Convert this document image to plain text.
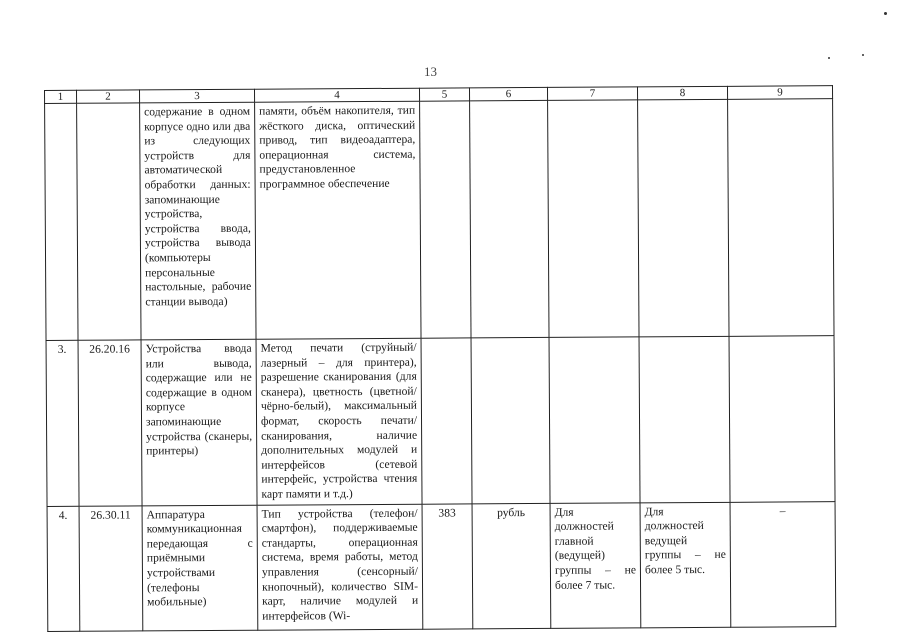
13
1	2	3	4	5	6	7	8	9
		содержание в одном корпусе одно или два из следующих устройств для автоматической обработки данных: запоминающие устройства, устройства ввода, устройства вывода (компьютеры персональные настольные, рабочие станции вывода)	памяти, объём накопителя, тип жёсткого диска, оптический привод, тип видеоадаптера, операционная система, предустановленное программное обеспечение					
3.	26.20.16	Устройства ввода или вывода, содержащие или не содержащие в одном корпусе запоминающие устройства (сканеры, принтеры)	Метод печати (струйный/лазерный – для принтера), разрешение сканирования (для сканера), цветность (цветной/чёрно-белый), максимальный формат, скорость печати/сканирования, наличие дополнительных модулей и интерфейсов (сетевой интерфейс, устройства чтения карт памяти и т.д.)					
4.	26.30.11	Аппаратура коммуникационная передающая с приёмными устройствами (телефоны мобильные)	Тип устройства (телефон/смартфон), поддерживаемые стандарты, операционная система, время работы, метод управления (сенсорный/кнопочный), количество SIM-карт, наличие модулей и интерфейсов (Wi-	383	рубль	Для должностей главной (ведущей) группы – не более 7 тыс.	Для должностей ведущей группы – не более 5 тыс.	–
